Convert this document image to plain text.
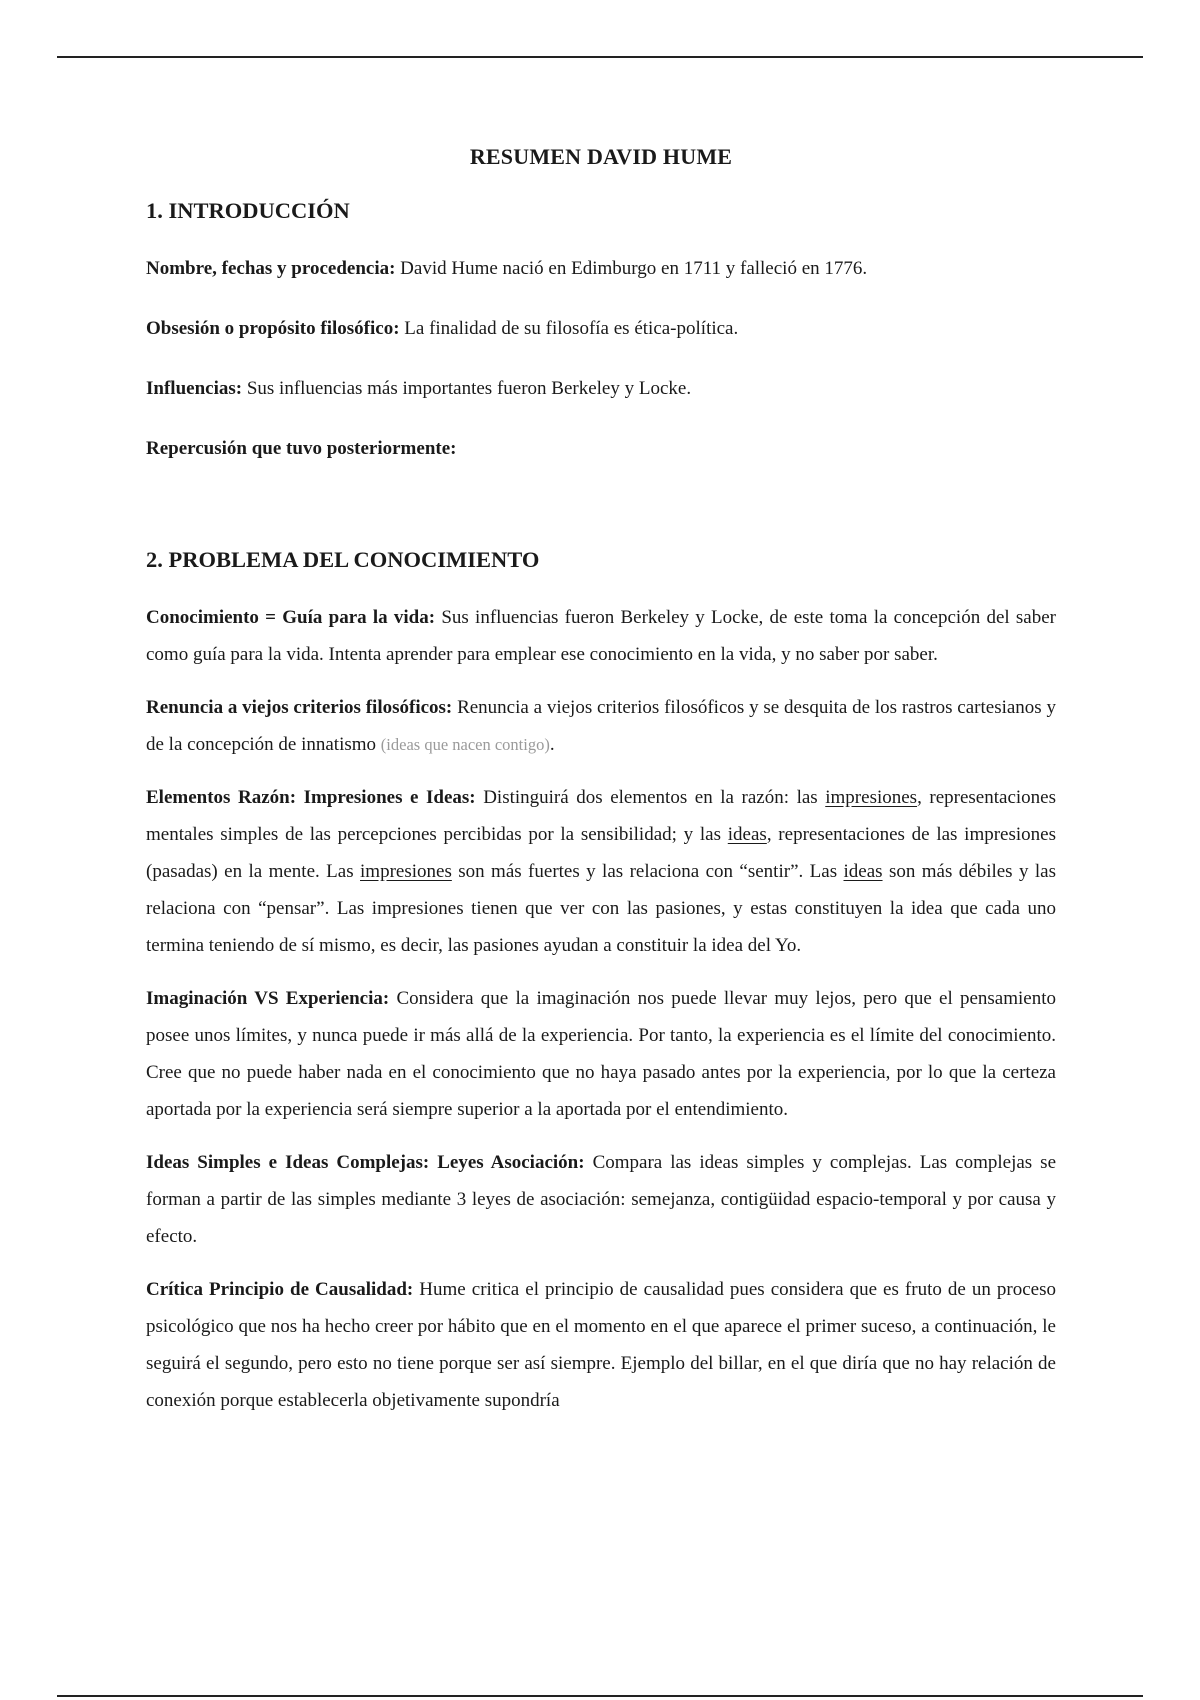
RESUMEN DAVID HUME
1. INTRODUCCIÓN

Nombre, fechas y procedencia: David Hume nació en Edimburgo en 1711 y falleció en 1776.

Obsesión o propósito filosófico: La finalidad de su filosofía es ética-política.

Influencias: Sus influencias más importantes fueron Berkeley y Locke.

Repercusión que tuvo posteriormente:

2. PROBLEMA DEL CONOCIMIENTO

Conocimiento = Guía para la vida: Sus influencias fueron Berkeley y Locke, de este toma la concepción del saber como guía para la vida. Intenta aprender para emplear ese conocimiento en la vida, y no saber por saber.

Renuncia a viejos criterios filosóficos: Renuncia a viejos criterios filosóficos y se desquita de los rastros cartesianos y de la concepción de innatismo (ideas que nacen contigo).

Elementos Razón: Impresiones e Ideas: Distinguirá dos elementos en la razón: las impresiones, representaciones mentales simples de las percepciones percibidas por la sensibilidad; y las ideas, representaciones de las impresiones (pasadas) en la mente. Las impresiones son más fuertes y las relaciona con “sentir”. Las ideas son más débiles y las relaciona con “pensar”. Las impresiones tienen que ver con las pasiones, y estas constituyen la idea que cada uno termina teniendo de sí mismo, es decir, las pasiones ayudan a constituir la idea del Yo.

Imaginación VS Experiencia: Considera que la imaginación nos puede llevar muy lejos, pero que el pensamiento posee unos límites, y nunca puede ir más allá de la experiencia. Por tanto, la experiencia es el límite del conocimiento. Cree que no puede haber nada en el conocimiento que no haya pasado antes por la experiencia, por lo que la certeza aportada por la experiencia será siempre superior a la aportada por el entendimiento.

Ideas Simples e Ideas Complejas: Leyes Asociación: Compara las ideas simples y complejas. Las complejas se forman a partir de las simples mediante 3 leyes de asociación: semejanza, contigüidad espacio-temporal y por causa y efecto.

Crítica Principio de Causalidad: Hume critica el principio de causalidad pues considera que es fruto de un proceso psicológico que nos ha hecho creer por hábito que en el momento en el que aparece el primer suceso, a continuación, le seguirá el segundo, pero esto no tiene porque ser así siempre. Ejemplo del billar, en el que diría que no hay relación de conexión porque establecerla objetivamente supondría
